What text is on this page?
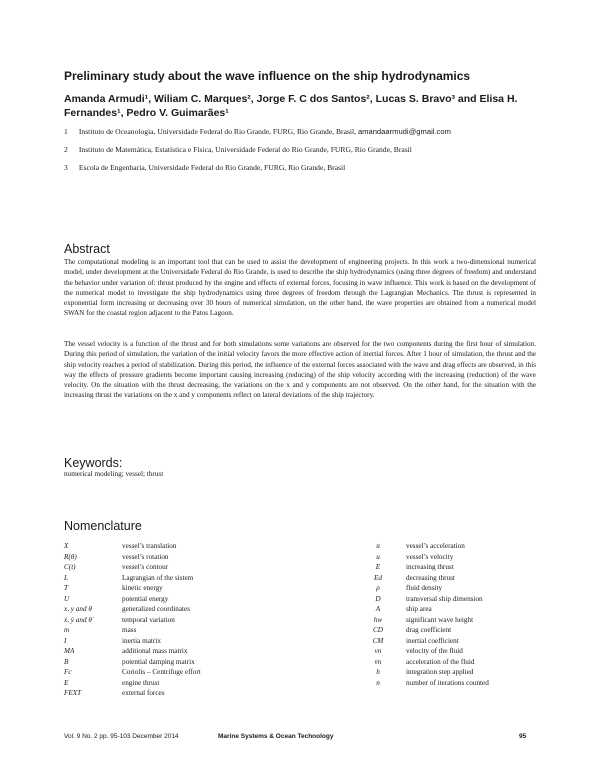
Preliminary study about the wave influence on the ship hydrodynamics
Amanda Armudi¹, Wiliam C. Marques², Jorge F. C dos Santos², Lucas S. Bravo³ and Elisa H. Fernandes¹, Pedro V. Guimarães¹
1 Instituto de Oceanologia, Universidade Federal do Rio Grande, FURG, Rio Grande, Brasil, amandaarmudi@gmail.com
2 Instituto de Matemática, Estatística e Física, Universidade Federal do Rio Grande, FURG, Rio Grande, Brasil
3 Escola de Engenharia, Universidade Federal do Rio Grande, FURG, Rio Grande, Brasil
Abstract

The computational modeling is an important tool that can be used to assist the development of engineering projects. In this work a two-dimensional numerical model, under development at the Universidade Federal do Rio Grande, is used to describe the ship hydrodynamics (using three degrees of freedom) and understand the behavior under variation of: thrust produced by the engine and effects of external forces, focusing in wave influence. This work is based on the development of the numerical model to investigate the ship hydrodynamics using three degrees of freedom through the Lagrangian Mechanics. The thrust is represented in exponential form increasing or decreasing over 30 hours of numerical simulation, on the other hand, the wave properties are obtained from a numerical model SWAN for the coastal region adjacent to the Patos Lagoon.

The vessel velocity is a function of the thrust and for both simulations some variations are observed for the two components during the first hour of simulation. During this period of simulation, the variation of the initial velocity favors the more effective action of inertial forces. After 1 hour of simulation, the thrust and the ship velocity reaches a period of stabilization. During this period, the influence of the external forces associated with the wave and drag effects are observed, in this way the effects of pressure gradients become important causing increasing (reducing) of the ship velocity according with the increasing (reduction) of the wave velocity. On the situation with the thrust decreasing, the variations on the x and y components are not observed. On the other hand, for the situation with the increasing thrust the variations on the x and y components reflect on lateral deviations of the ship trajectory.

Keywords:
numerical modeling; vessel; thrust
Nomenclature
X	vessel’s translation
R(θ)	vessel’s rotation
C(t)	vessel’s contour
L	Lagrangian of the sistem
T	kinetic energy
U	potential energy
x, y and θ	generalized coordinates
ẋ, ẏ and θ̇	temporal variation
m	mass
I	inertia matrix
MA	additional mass matrix
B	potential damping matrix
Fc	Coriolis – Centrifuge effort
E	engine thrust
FEXT	external forces
u̇	vessel’s acceleration
u	vessel’s velocity
E	increasing thrust
Ed	decreasing thrust
ρ	fluid density
D	transversal ship dimension
A	ship area
hw	significant wave height
CD	drag coefficient
CM	inertial coefficient
vn	velocity of the fluid
v̇n	acceleration of the fluid
h	integration step applied
n	number of iterations counted
Vol. 9 No. 2 pp. 95-103 December 2014	Marine Systems & Ocean Technology	95
